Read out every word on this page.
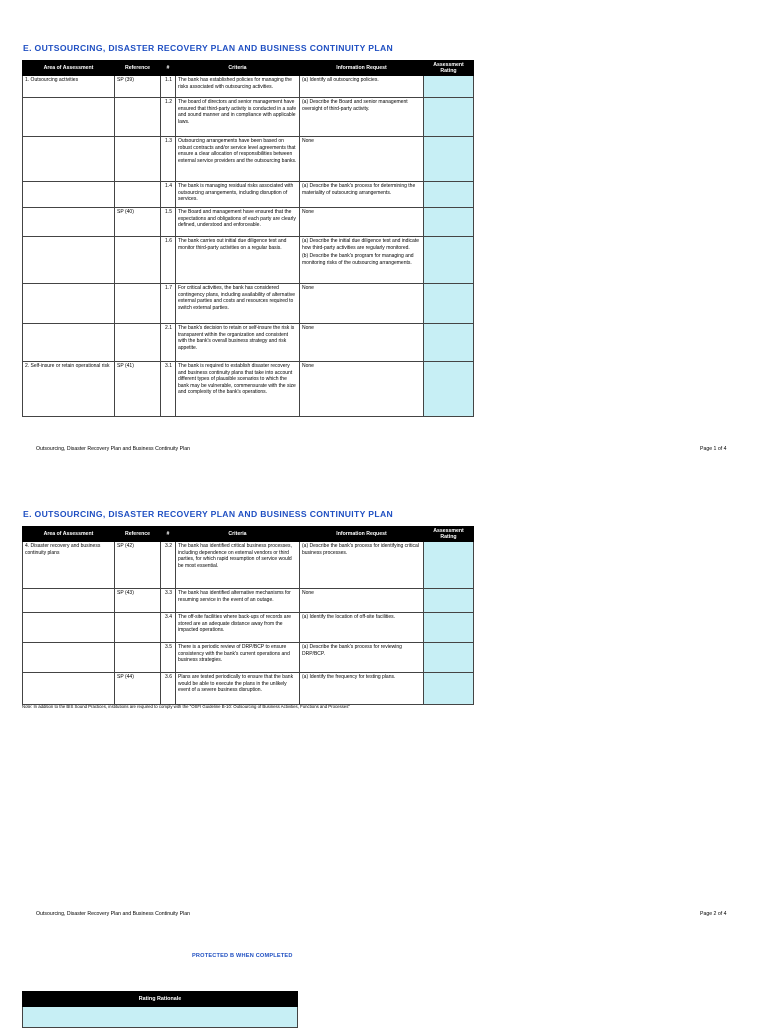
E. OUTSOURCING, DISASTER RECOVERY PLAN AND BUSINESS CONTINUITY PLAN
Area of Assessment	Reference	#	Criteria	Information Request	Assessment Rating
1. Outsourcing activities	SP (39)	1.1	The bank has established policies for managing the risks associated with outsourcing activities.	(a) Identify all outsourcing policies.	

		1.2	The board of directors and senior management have ensured that third-party activity is conducted in a safe and sound manner and in compliance with applicable laws.	(a) Describe the Board and senior management oversight of third-party activity.	

		1.3	Outsourcing arrangements have been based on robust contracts and/or service level agreements that ensure a clear allocation of responsibilities between external service providers and the outsourcing banks.	None	

		1.4	The bank is managing residual risks associated with outsourcing arrangements, including disruption of services.	(a) Describe the bank's process for determining the materiality of outsourcing arrangements.	

	SP (40)	1.5	The Board and management have ensured that the expectations and obligations of each party are clearly defined, understood and enforceable.	None	

		1.6	The bank carries out initial due diligence test and monitor third-party activities on a regular basis.	(a) Describe the initial due diligence test and indicate how third-party activities are regularly monitored.
(b) Describe the bank's program for managing and monitoring risks of the outsourcing arrangements.	

		1.7	For critical activities, the bank has considered contingency plans, including availability of alternative external parties and costs and resources required to switch external parties.	None	

		2.1	The bank's decision to retain or self-insure the risk is transparent within the organization and consistent with the bank's overall business strategy and risk appetite.	None	

2. Self-insure or retain operational risk	SP (41)	3.1	The bank is required to establish disaster recovery and business continuity plans that take into account different types of plausible scenarios to which the bank may be vulnerable, commensurate with the size and complexity of the bank's operations.	None	

Outsourcing, Disaster Recovery Plan and Business Continuity Plan	Page 1 of 4
E. OUTSOURCING, DISASTER RECOVERY PLAN AND BUSINESS CONTINUITY PLAN
Area of Assessment	Reference	#	Criteria	Information Request	Assessment Rating
4. Disaster recovery and business continuity plans	SP (42)	3.2	The bank has identified critical business processes, including dependence on external vendors or third parties, for which rapid resumption of service would be most essential.	(a) Describe the bank's process for identifying critical business processes.	

	SP (43)	3.3	The bank has identified alternative mechanisms for resuming service in the event of an outage.	None	

		3.4	The off-site facilities where back-ups of records are stored are an adequate distance away from the impacted operations.	(a) Identify the location of off-site facilities.	

		3.5	There is a periodic review of DRP/BCP to ensure consistency with the bank's current operations and business strategies.	(a) Describe the bank's process for reviewing DRP/BCP.	

	SP (44)	3.6	Plans are tested periodically to ensure that the bank would be able to execute the plans in the unlikely event of a severe business disruption.	(a) Identify the frequency for testing plans.	

Note: In addition to the BIS Sound Practices, institutions are required to comply with the "OSFI Guideline B-10: Outsourcing of Business Activities, Functions and Processes"
Outsourcing, Disaster Recovery Plan and Business Continuity Plan	Page 2 of 4
PROTECTED B WHEN COMPLETED
Rating Rationale
